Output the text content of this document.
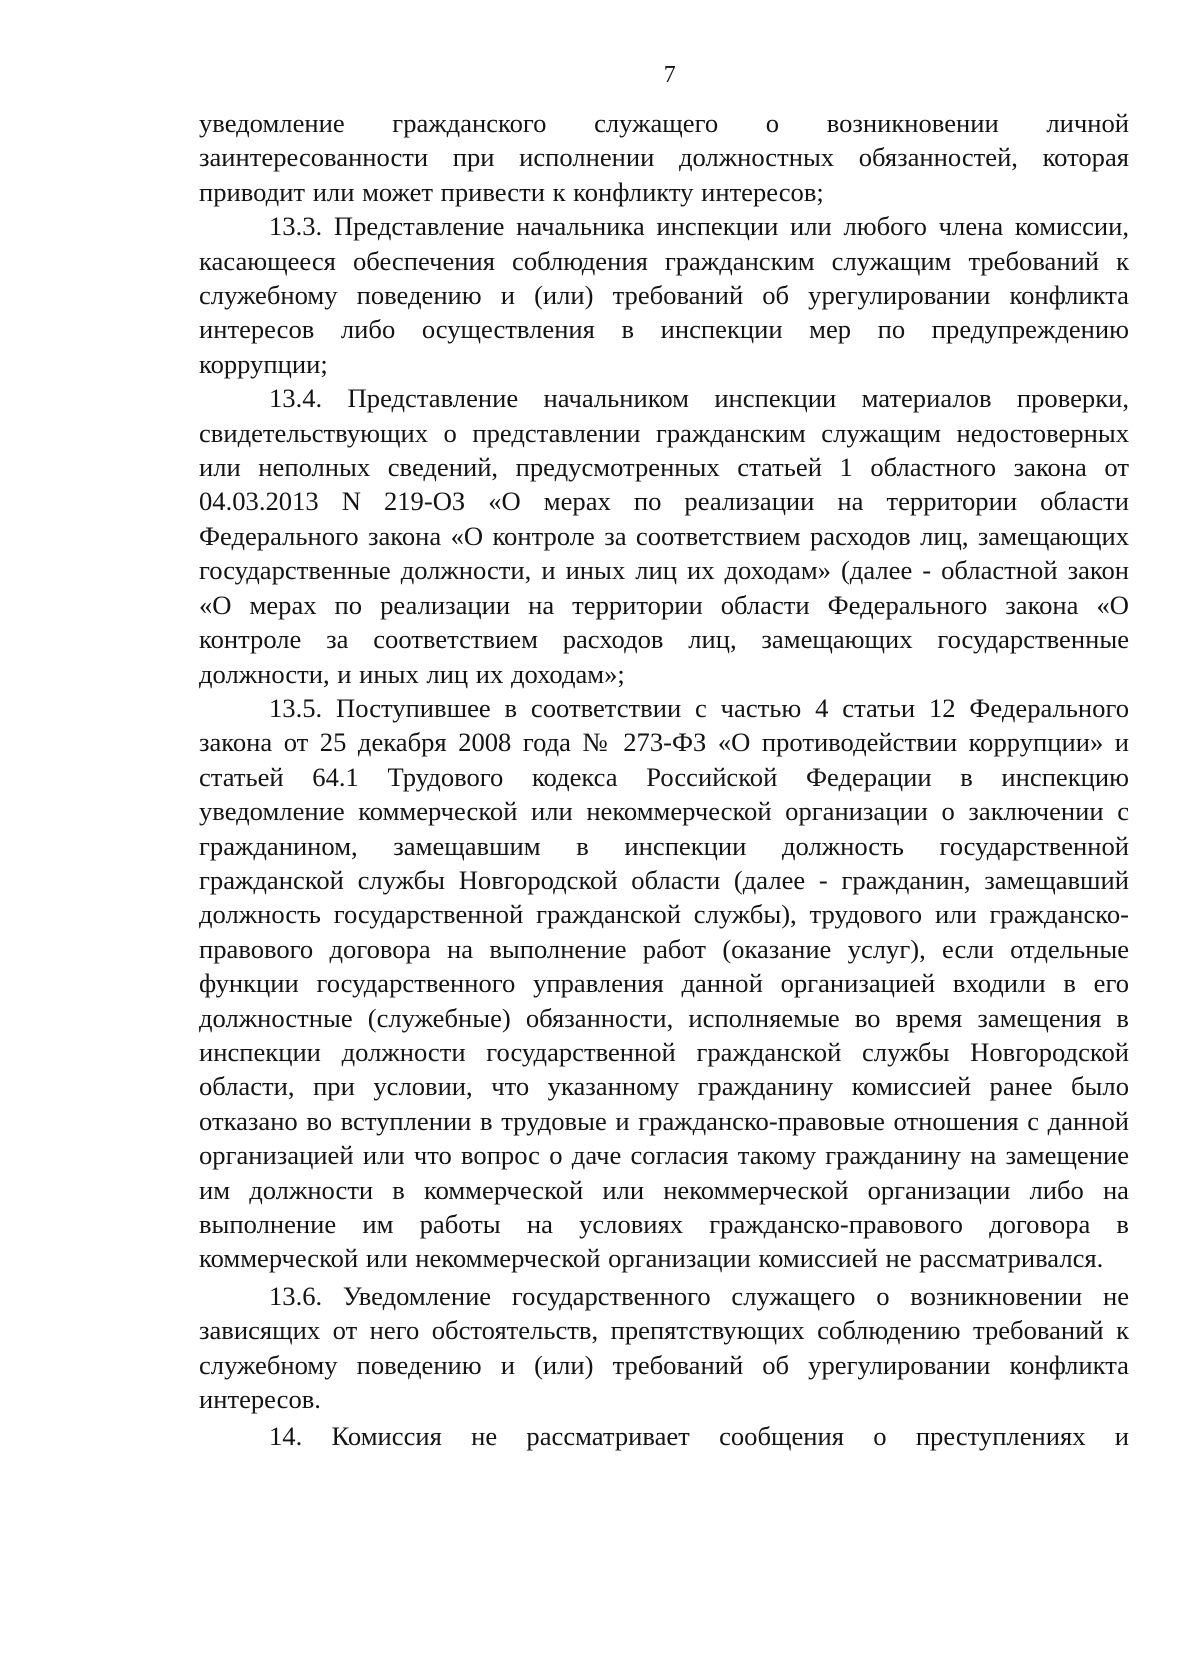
7

уведомление гражданского служащего о возникновении личной заинтересованности при исполнении должностных обязанностей, которая приводит или может привести к конфликту интересов;

13.3. Представление начальника инспекции или любого члена комиссии, касающееся обеспечения соблюдения гражданским служащим требований к служебному поведению и (или) требований об урегулировании конфликта интересов либо осуществления в инспекции мер по предупреждению коррупции;

13.4. Представление начальником инспекции материалов проверки, свидетельствующих о представлении гражданским служащим недостоверных или неполных сведений, предусмотренных статьей 1 областного закона от 04.03.2013 N 219-ОЗ «О мерах по реализации на территории области Федерального закона «О контроле за соответствием расходов лиц, замещающих государственные должности, и иных лиц их доходам» (далее - областной закон «О мерах по реализации на территории области Федерального закона «О контроле за соответствием расходов лиц, замещающих государственные должности, и иных лиц их доходам»;

13.5. Поступившее в соответствии с частью 4 статьи 12 Федерального закона от 25 декабря 2008 года № 273-ФЗ «О противодействии коррупции» и статьей 64.1 Трудового кодекса Российской Федерации в инспекцию уведомление коммерческой или некоммерческой организации о заключении с гражданином, замещавшим в инспекции должность государственной гражданской службы Новгородской области (далее - гражданин, замещавший должность государственной гражданской службы), трудового или гражданско-правового договора на выполнение работ (оказание услуг), если отдельные функции государственного управления данной организацией входили в его должностные (служебные) обязанности, исполняемые во время замещения в инспекции должности государственной гражданской службы Новгородской области, при условии, что указанному гражданину комиссией ранее было отказано во вступлении в трудовые и гражданско-правовые отношения с данной организацией или что вопрос о даче согласия такому гражданину на замещение им должности в коммерческой или некоммерческой организации либо на выполнение им работы на условиях гражданско-правового договора в коммерческой или некоммерческой организации комиссией не рассматривался.

13.6. Уведомление государственного служащего о возникновении не зависящих от него обстоятельств, препятствующих соблюдению требований к служебному поведению и (или) требований об урегулировании конфликта интересов.

14. Комиссия не рассматривает сообщения о преступлениях и
